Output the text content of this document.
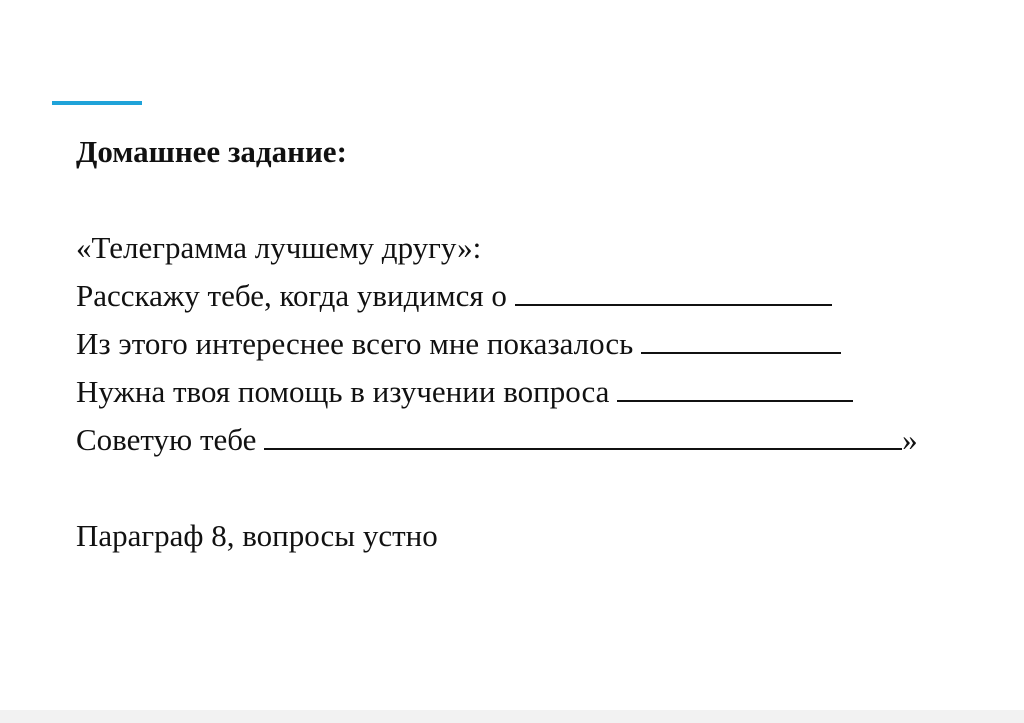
Домашнее задание:
«Телеграмма лучшему другу»:
Расскажу тебе, когда увидимся о
Из этого интереснее всего мне показалось
Нужна твоя помощь в изучении вопроса
Советую тебе	»
Параграф 8, вопросы устно
